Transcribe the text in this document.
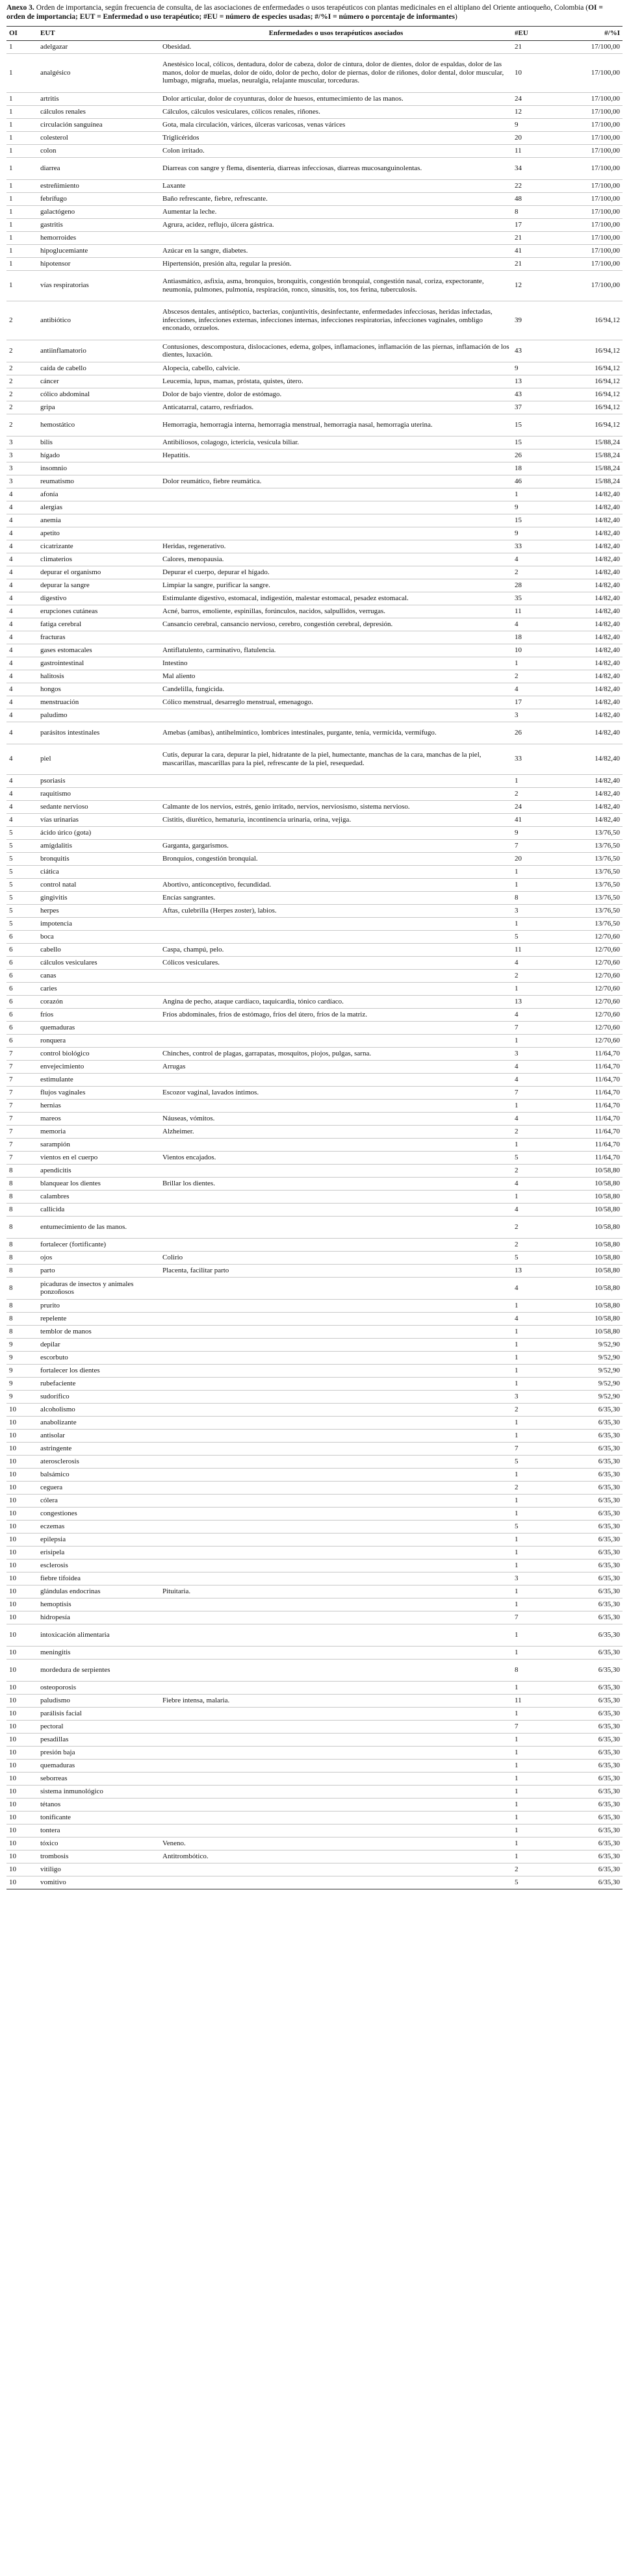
Anexo 3. Orden de importancia, según frecuencia de consulta, de las asociaciones de enfermedades o usos terapéuticos con plantas medicinales en el altiplano del Oriente antioqueño, Colombia (OI = orden de importancia; EUT = Enfermedad o uso terapéutico; #EU = número de especies usadas; #/%I = número o porcentaje de informantes)

OI	EUT	Enfermedades o usos terapéuticos asociados	#EU	#/%I
1	adelgazar	Obesidad.	21	17/100,00
1	analgésico	Anestésico local, cólicos, dentadura, dolor de cabeza, dolor de cintura, dolor de dientes, dolor de espaldas, dolor de las manos, dolor de muelas, dolor de oído, dolor de pecho, dolor de piernas, dolor de riñones, dolor dental, dolor muscular, lumbago, migraña, muelas, neuralgia, relajante muscular, torceduras.	10	17/100,00
1	artritis	Dolor articular, dolor de coyunturas, dolor de huesos, entumecimiento de las manos.	24	17/100,00
1	cálculos renales	Cálculos, cálculos vesiculares, cólicos renales, riñones.	12	17/100,00
1	circulación sanguínea	Gota, mala circulación, várices, úlceras varicosas, venas várices	9	17/100,00
1	colesterol	Triglicéridos	20	17/100,00
1	colon	Colon irritado.	11	17/100,00
1	diarrea	Diarreas con sangre y flema, disentería, diarreas infecciosas, diarreas mucosanguinolentas.	34	17/100,00
1	estreñimiento	Laxante	22	17/100,00
1	febrífugo	Baño refrescante, fiebre, refrescante.	48	17/100,00
1	galactógeno	Aumentar la leche.	8	17/100,00
1	gastritis	Agrura, acidez, reflujo, úlcera gástrica.	17	17/100,00
1	hemorroides		21	17/100,00
1	hipoglucemiante	Azúcar en la sangre, diabetes.	41	17/100,00
1	hipotensor	Hipertensión, presión alta, regular la presión.	21	17/100,00
1	vías respiratorias	Antiasmático, asfixia, asma, bronquios, bronquitis, congestión bronquial, congestión nasal, coriza, expectorante, neumonía, pulmones, pulmonía, respiración, ronco, sinusitis, tos, tos ferina, tuberculosis.	12	17/100,00
2	antibiótico	Abscesos dentales, antiséptico, bacterias, conjuntivitis, desinfectante, enfermedades infecciosas, heridas infectadas, infecciones, infecciones externas, infecciones internas, infecciones respiratorias, infecciones vaginales, ombligo enconado, orzuelos.	39	16/94,12
2	antiinflamatorio	Contusiones, descompostura, dislocaciones, edema, golpes, inflamaciones, inflamación de las piernas, inflamación de los dientes, luxación.	43	16/94,12
2	caída de cabello	Alopecia, cabello, calvicie.	9	16/94,12
2	cáncer	Leucemia, lupus, mamas, próstata, quistes, útero.	13	16/94,12
2	cólico abdominal	Dolor de bajo vientre, dolor de estómago.	43	16/94,12
2	gripa	Anticatarral, catarro, resfriados.	37	16/94,12
2	hemostático	Hemorragia, hemorragia interna, hemorragia menstrual, hemorragia nasal, hemorragia uterina.	15	16/94,12
3	bilis	Antibiliosos, colagogo, ictericia, vesícula biliar.	15	15/88,24
3	hígado	Hepatitis.	26	15/88,24
3	insomnio		18	15/88,24
3	reumatismo	Dolor reumático, fiebre reumática.	46	15/88,24
4	afonía		1	14/82,40
4	alergias		9	14/82,40
4	anemia		15	14/82,40
4	apetito		9	14/82,40
4	cicatrizante	Heridas, regenerativo.	33	14/82,40
4	climaterios	Calores, menopausia.	4	14/82,40
4	depurar el organismo	Depurar el cuerpo, depurar el hígado.	2	14/82,40
4	depurar la sangre	Limpiar la sangre, purificar la sangre.	28	14/82,40
4	digestivo	Estimulante digestivo, estomacal, indigestión, malestar estomacal, pesadez estomacal.	35	14/82,40
4	erupciones cutáneas	Acné, barros, emoliente, espinillas, forúnculos, nacidos, salpullidos, verrugas.	11	14/82,40
4	fatiga cerebral	Cansancio cerebral, cansancio nervioso, cerebro, congestión cerebral, depresión.	4	14/82,40
4	fracturas		18	14/82,40
4	gases estomacales	Antiflatulento, carminativo, flatulencia.	10	14/82,40
4	gastrointestinal	Intestino	1	14/82,40
4	halitosis	Mal aliento	2	14/82,40
4	hongos	Candelilla, fungicida.	4	14/82,40
4	menstruación	Cólico menstrual, desarreglo menstrual, emenagogo.	17	14/82,40
4	paludimo		3	14/82,40
4	parásitos intestinales	Amebas (amibas), antihelmíntico, lombrices intestinales, purgante, tenia, vermicida, vermífugo.	26	14/82,40
4	piel	Cutis, depurar la cara, depurar la piel, hidratante de la piel, humectante, manchas de la cara, manchas de la piel, mascarillas, mascarillas para la piel, refrescante de la piel, resequedad.	33	14/82,40
4	psoriasis		1	14/82,40
4	raquitismo		2	14/82,40
4	sedante nervioso	Calmante de los nervios, estrés, genio irritado, nervios, nerviosismo, sistema nervioso.	24	14/82,40
4	vías urinarias	Cistitis, diurético, hematuria, incontinencia urinaria, orina, vejiga.	41	14/82,40
5	ácido úrico (gota)		9	13/76,50
5	amígdalitis	Garganta, gargarismos.	7	13/76,50
5	bronquitis	Bronquios, congestión bronquial.	20	13/76,50
5	ciática		1	13/76,50
5	control natal	Abortivo, anticonceptivo, fecundidad.	1	13/76,50
5	gingivitis	Encías sangrantes.	8	13/76,50
5	herpes	Aftas, culebrilla (Herpes zoster), labios.	3	13/76,50
5	impotencia		1	13/76,50
6	boca		5	12/70,60
6	cabello	Caspa, champú, pelo.	11	12/70,60
6	cálculos vesiculares	Cólicos vesiculares.	4	12/70,60
6	canas		2	12/70,60
6	caries		1	12/70,60
6	corazón	Angina de pecho, ataque cardíaco, taquicardia, tónico cardíaco.	13	12/70,60
6	fríos	Fríos abdominales, fríos de estómago, fríos del útero, fríos de la matriz.	4	12/70,60
6	quemaduras		7	12/70,60
6	ronquera		1	12/70,60
7	control biológico	Chinches, control de plagas, garrapatas, mosquitos, piojos, pulgas, sarna.	3	11/64,70
7	envejecimiento	Arrugas	4	11/64,70
7	estimulante		4	11/64,70
7	flujos vaginales	Escozor vaginal, lavados íntimos.	7	11/64,70
7	hernias		1	11/64,70
7	mareos	Náuseas, vómitos.	4	11/64,70
7	memoria	Alzheimer.	2	11/64,70
7	sarampión		1	11/64,70
7	vientos en el cuerpo	Vientos encajados.	5	11/64,70
8	apendicitis		2	10/58,80
8	blanquear los dientes	Brillar los dientes.	4	10/58,80
8	calambres		1	10/58,80
8	callicida		4	10/58,80
8	entumecimiento de las manos.		2	10/58,80
8	fortalecer (fortificante)		2	10/58,80
8	ojos	Colirio	5	10/58,80
8	parto	Placenta, facilitar parto	13	10/58,80
8	picaduras de insectos y animales ponzoñosos		4	10/58,80
8	prurito		1	10/58,80
8	repelente		4	10/58,80
8	temblor de manos		1	10/58,80
9	depilar		1	9/52,90
9	escorbuto		1	9/52,90
9	fortalecer los dientes		1	9/52,90
9	rubefaciente		1	9/52,90
9	sudorífico		3	9/52,90
10	alcoholismo		2	6/35,30
10	anabolizante		1	6/35,30
10	antisolar		1	6/35,30
10	astringente		7	6/35,30
10	aterosclerosis		5	6/35,30
10	balsámico		1	6/35,30
10	ceguera		2	6/35,30
10	cólera		1	6/35,30
10	congestiones		1	6/35,30
10	eczemas		5	6/35,30
10	epilepsia		1	6/35,30
10	erisipela		1	6/35,30
10	esclerosis		1	6/35,30
10	fiebre tifoidea		3	6/35,30
10	glándulas endocrinas	Pituitaria.	1	6/35,30
10	hemoptisis		1	6/35,30
10	hidropesía		7	6/35,30
10	intoxicación alimentaria		1	6/35,30
10	meningitis		1	6/35,30
10	mordedura de serpientes		8	6/35,30
10	osteoporosis		1	6/35,30
10	paludismo	Fiebre intensa, malaria.	11	6/35,30
10	parálisis facial		1	6/35,30
10	pectoral		7	6/35,30
10	pesadillas		1	6/35,30
10	presión baja		1	6/35,30
10	quemaduras		1	6/35,30
10	seborreas		1	6/35,30
10	sistema inmunológico		1	6/35,30
10	tétanos		1	6/35,30
10	tonificante		1	6/35,30
10	tontera		1	6/35,30
10	tóxico	Veneno.	1	6/35,30
10	trombosis	Antitrombótico.	1	6/35,30
10	vitiligo		2	6/35,30
10	vomitivo		5	6/35,30
